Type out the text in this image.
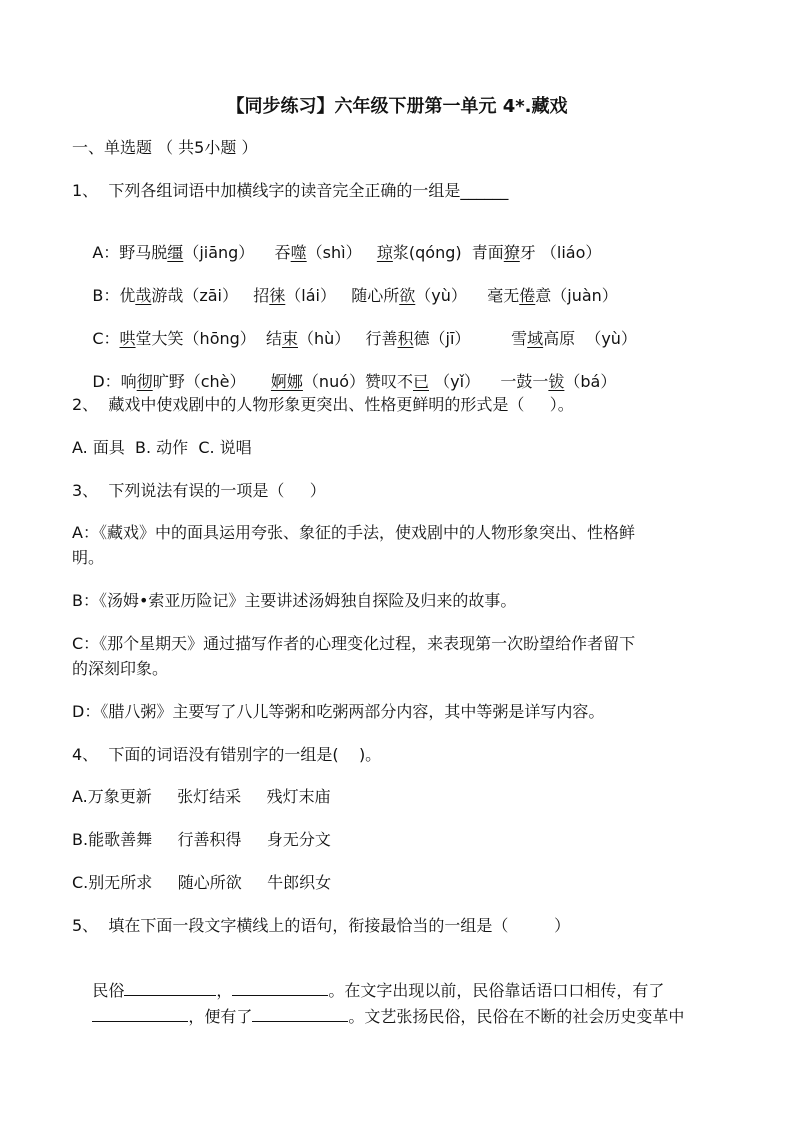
【同步练习】六年级下册第一单元 4*.藏戏
一、单选题 （ 共5小题 ）
1、  下列各组词语中加横线字的读音完全正确的一组是______

A：野马脱缰（jiāng）    吞噬（shì）   琼浆(qóng)  青面獠牙 （liáo）

B：优哉游哉（zāi）   招徕（lái）   随心所欲（yù）    毫无倦意（juàn）

C：哄堂大笑（hōng）  结束（hù）   行善积德（jī）        雪域高原  （yù）

D：响彻旷野（chè）     婀娜（nuó）赞叹不已 （yǐ）    一鼓一钹（bá）

2、  藏戏中使戏剧中的人物形象更突出、性格更鲜明的形式是（     ）。
A. 面具  B. 动作  C. 说唱
3、  下列说法有误的一项是（     ）
A：《藏戏》中的面具运用夸张、象征的手法，使戏剧中的人物形象突出、性格鲜
明。
B：《汤姆•索亚历险记》主要讲述汤姆独自探险及归来的故事。
C：《那个星期天》通过描写作者的心理变化过程，来表现第一次盼望给作者留下
的深刻印象。
D：《腊八粥》主要写了八儿等粥和吃粥两部分内容，其中等粥是详写内容。
4、  下面的词语没有错别字的一组是(    )。
A.万象更新     张灯结采     残灯末庙
B.能歌善舞     行善积得     身无分文
C.别无所求     随心所欲     牛郎织女
5、  填在下面一段文字横线上的语句，衔接最恰当的一组是（         ）

民俗	，	。在文字出现以前，民俗靠话语口口相传，有了

，便有了	。文艺张扬民俗，民俗在不断的社会历史变革中
